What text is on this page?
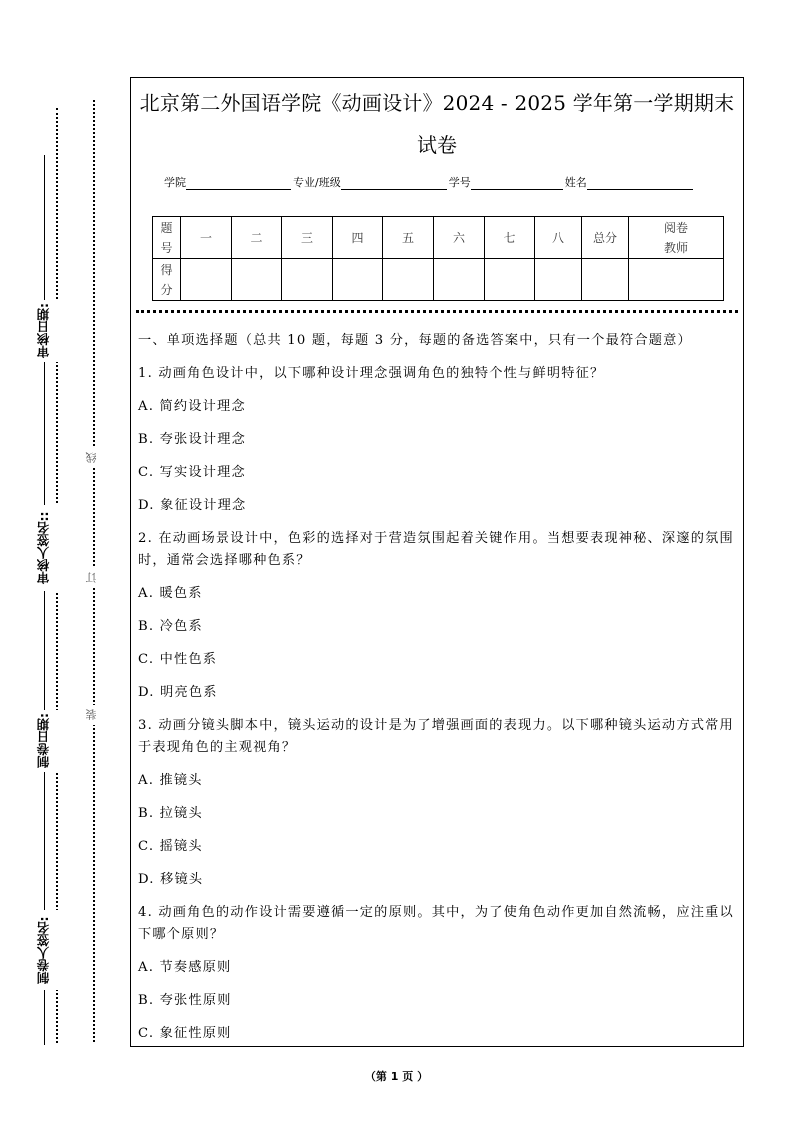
审核日期:
审核人签名::
制卷日期:
制卷人签名:
线
订
装
北京第二外国语学院《动画设计》2024 - 2025 学年第一学期期末
试卷
学院	专业/班级	学号	姓名
题
号	一	二	三	四	五	六	七	八	总分	阅卷
教师
得
分										
一、单项选择题（总共 10 题，每题 3 分，每题的备选答案中，只有一个最符合题意）
1. 动画角色设计中，以下哪种设计理念强调角色的独特个性与鲜明特征？
A. 简约设计理念
B. 夸张设计理念
C. 写实设计理念
D. 象征设计理念
2. 在动画场景设计中，色彩的选择对于营造氛围起着关键作用。当想要表现神秘、深邃的氛围时，通常会选择哪种色系？
A. 暖色系
B. 冷色系
C. 中性色系
D. 明亮色系
3. 动画分镜头脚本中，镜头运动的设计是为了增强画面的表现力。以下哪种镜头运动方式常用于表现角色的主观视角？
A. 推镜头
B. 拉镜头
C. 摇镜头
D. 移镜头
4. 动画角色的动作设计需要遵循一定的原则。其中，为了使角色动作更加自然流畅，应注重以下哪个原则？
A. 节奏感原则
B. 夸张性原则
C. 象征性原则
（第 1 页 ）
